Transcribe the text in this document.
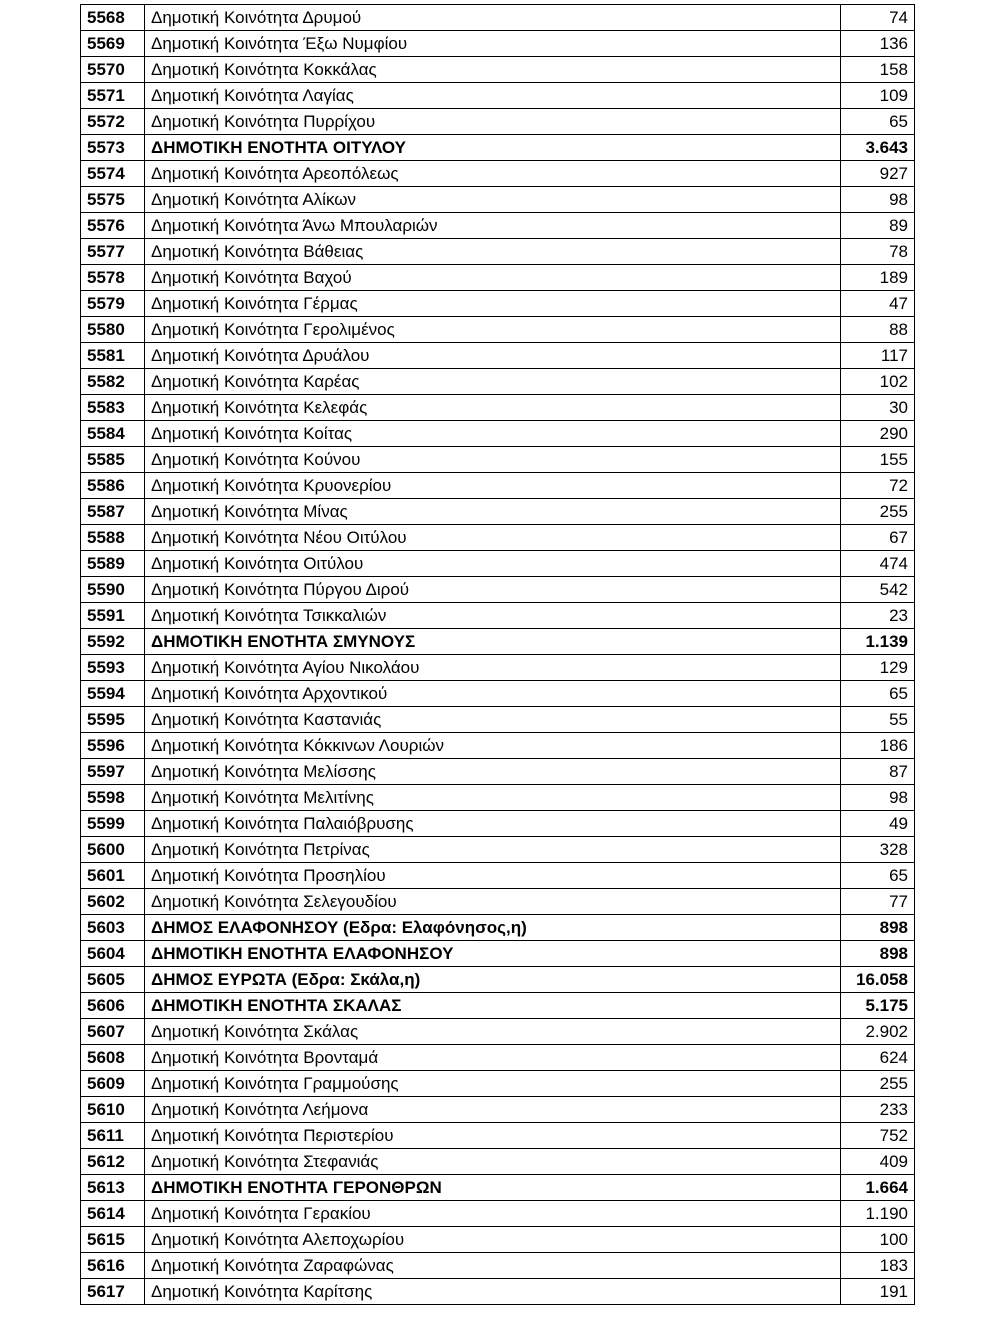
5568	Δημοτική Κοινότητα Δρυμού	74
5569	Δημοτική Κοινότητα Έξω Νυμφίου	136
5570	Δημοτική Κοινότητα Κοκκάλας	158
5571	Δημοτική Κοινότητα Λαγίας	109
5572	Δημοτική Κοινότητα Πυρρίχου	65
5573	ΔΗΜΟΤΙΚΗ ΕΝΟΤΗΤΑ ΟΙΤΥΛΟΥ	3.643
5574	Δημοτική Κοινότητα Αρεοπόλεως	927
5575	Δημοτική Κοινότητα Αλίκων	98
5576	Δημοτική Κοινότητα Άνω Μπουλαριών	89
5577	Δημοτική Κοινότητα Βάθειας	78
5578	Δημοτική Κοινότητα Βαχού	189
5579	Δημοτική Κοινότητα Γέρμας	47
5580	Δημοτική Κοινότητα Γερολιμένος	88
5581	Δημοτική Κοινότητα Δρυάλου	117
5582	Δημοτική Κοινότητα Καρέας	102
5583	Δημοτική Κοινότητα Κελεφάς	30
5584	Δημοτική Κοινότητα Κοίτας	290
5585	Δημοτική Κοινότητα Κούνου	155
5586	Δημοτική Κοινότητα Κρυονερίου	72
5587	Δημοτική Κοινότητα Μίνας	255
5588	Δημοτική Κοινότητα Νέου Οιτύλου	67
5589	Δημοτική Κοινότητα Οιτύλου	474
5590	Δημοτική Κοινότητα Πύργου Διρού	542
5591	Δημοτική Κοινότητα Τσικκαλιών	23
5592	ΔΗΜΟΤΙΚΗ ΕΝΟΤΗΤΑ ΣΜΥΝΟΥΣ	1.139
5593	Δημοτική Κοινότητα Αγίου Νικολάου	129
5594	Δημοτική Κοινότητα Αρχοντικού	65
5595	Δημοτική Κοινότητα Καστανιάς	55
5596	Δημοτική Κοινότητα Κόκκινων Λουριών	186
5597	Δημοτική Κοινότητα Μελίσσης	87
5598	Δημοτική Κοινότητα Μελιτίνης	98
5599	Δημοτική Κοινότητα Παλαιόβρυσης	49
5600	Δημοτική Κοινότητα Πετρίνας	328
5601	Δημοτική Κοινότητα Προσηλίου	65
5602	Δημοτική Κοινότητα Σελεγουδίου	77
5603	ΔΗΜΟΣ ΕΛΑΦΟΝΗΣΟΥ (Εδρα: Ελαφόνησος,η)	898
5604	ΔΗΜΟΤΙΚΗ ΕΝΟΤΗΤΑ ΕΛΑΦΟΝΗΣΟΥ	898
5605	ΔΗΜΟΣ ΕΥΡΩΤΑ (Εδρα: Σκάλα,η)	16.058
5606	ΔΗΜΟΤΙΚΗ ΕΝΟΤΗΤΑ ΣΚΑΛΑΣ	5.175
5607	Δημοτική Κοινότητα Σκάλας	2.902
5608	Δημοτική Κοινότητα Βρονταμά	624
5609	Δημοτική Κοινότητα Γραμμούσης	255
5610	Δημοτική Κοινότητα Λεήμονα	233
5611	Δημοτική Κοινότητα Περιστερίου	752
5612	Δημοτική Κοινότητα Στεφανιάς	409
5613	ΔΗΜΟΤΙΚΗ ΕΝΟΤΗΤΑ ΓΕΡΟΝΘΡΩΝ	1.664
5614	Δημοτική Κοινότητα Γερακίου	1.190
5615	Δημοτική Κοινότητα Αλεποχωρίου	100
5616	Δημοτική Κοινότητα Ζαραφώνας	183
5617	Δημοτική Κοινότητα Καρίτσης	191
